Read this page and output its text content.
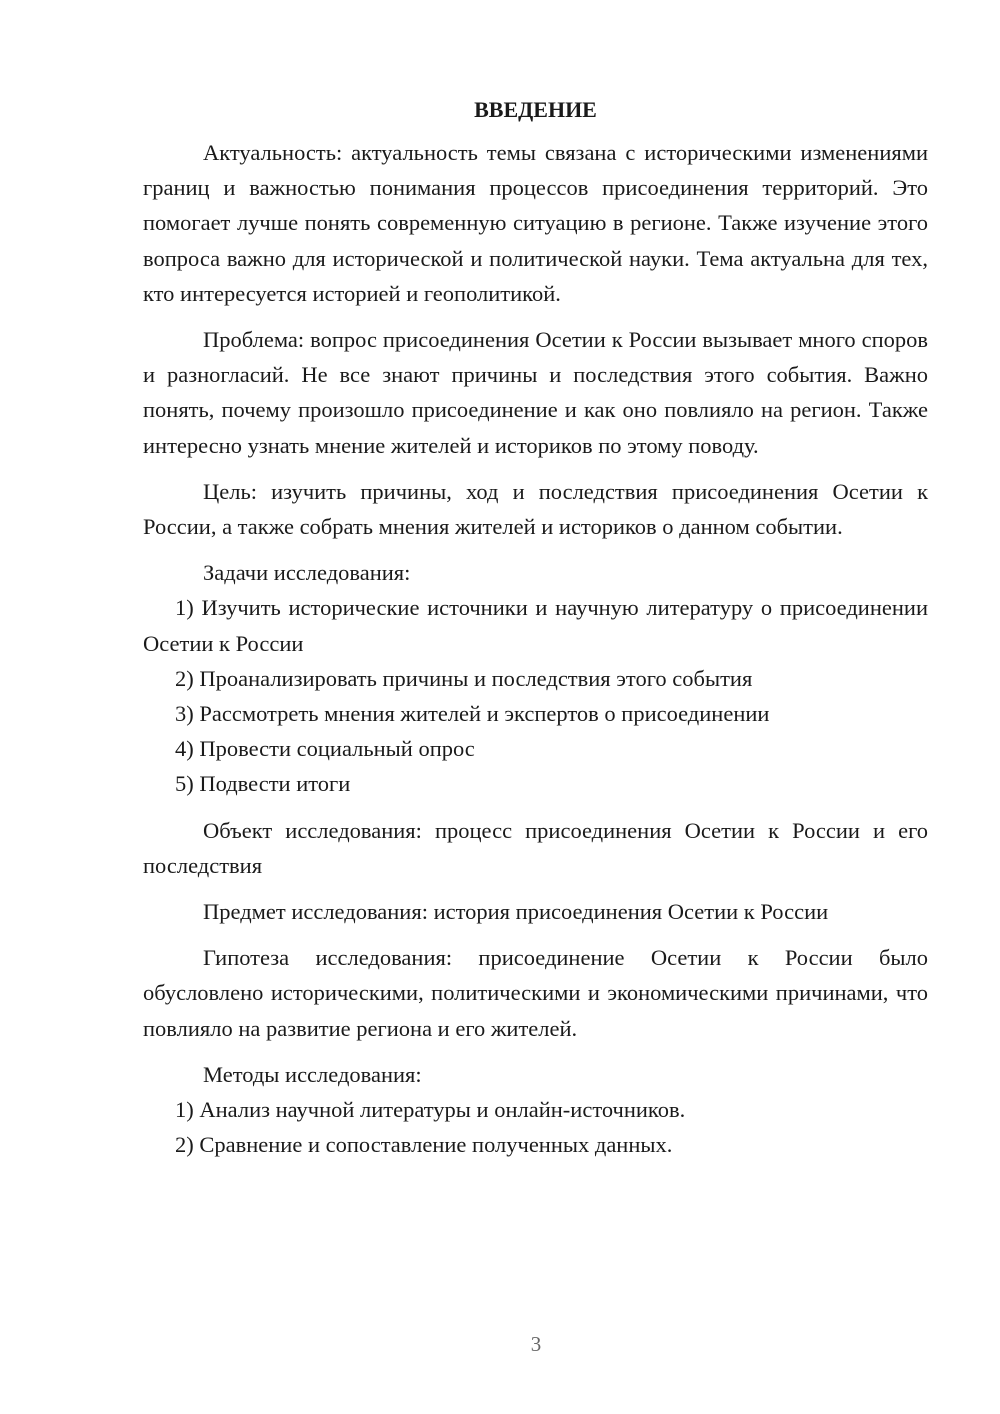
ВВЕДЕНИЕ

Актуальность: актуальность темы связана с историческими изменениями границ и важностью понимания процессов присоединения территорий. Это помогает лучше понять современную ситуацию в регионе. Также изучение этого вопроса важно для исторической и политической науки. Тема актуальна для тех, кто интересуется историей и геополитикой.

Проблема: вопрос присоединения Осетии к России вызывает много споров и разногласий. Не все знают причины и последствия этого события. Важно понять, почему произошло присоединение и как оно повлияло на регион. Также интересно узнать мнение жителей и историков по этому поводу.

Цель: изучить причины, ход и последствия присоединения Осетии к России, а также собрать мнения жителей и историков о данном событии.

Задачи исследования:

1) Изучить исторические источники и научную литературу о присоединении Осетии к России

2) Проанализировать причины и последствия этого события

3) Рассмотреть мнения жителей и экспертов о присоединении

4) Провести социальный опрос

5) Подвести итоги

Объект исследования: процесс присоединения Осетии к России и его последствия

Предмет исследования: история присоединения Осетии к России

Гипотеза исследования: присоединение Осетии к России было обусловлено историческими, политическими и экономическими причинами, что повлияло на развитие региона и его жителей.

Методы исследования:

1) Анализ научной литературы и онлайн-источников.

2) Сравнение и сопоставление полученных данных.

3
